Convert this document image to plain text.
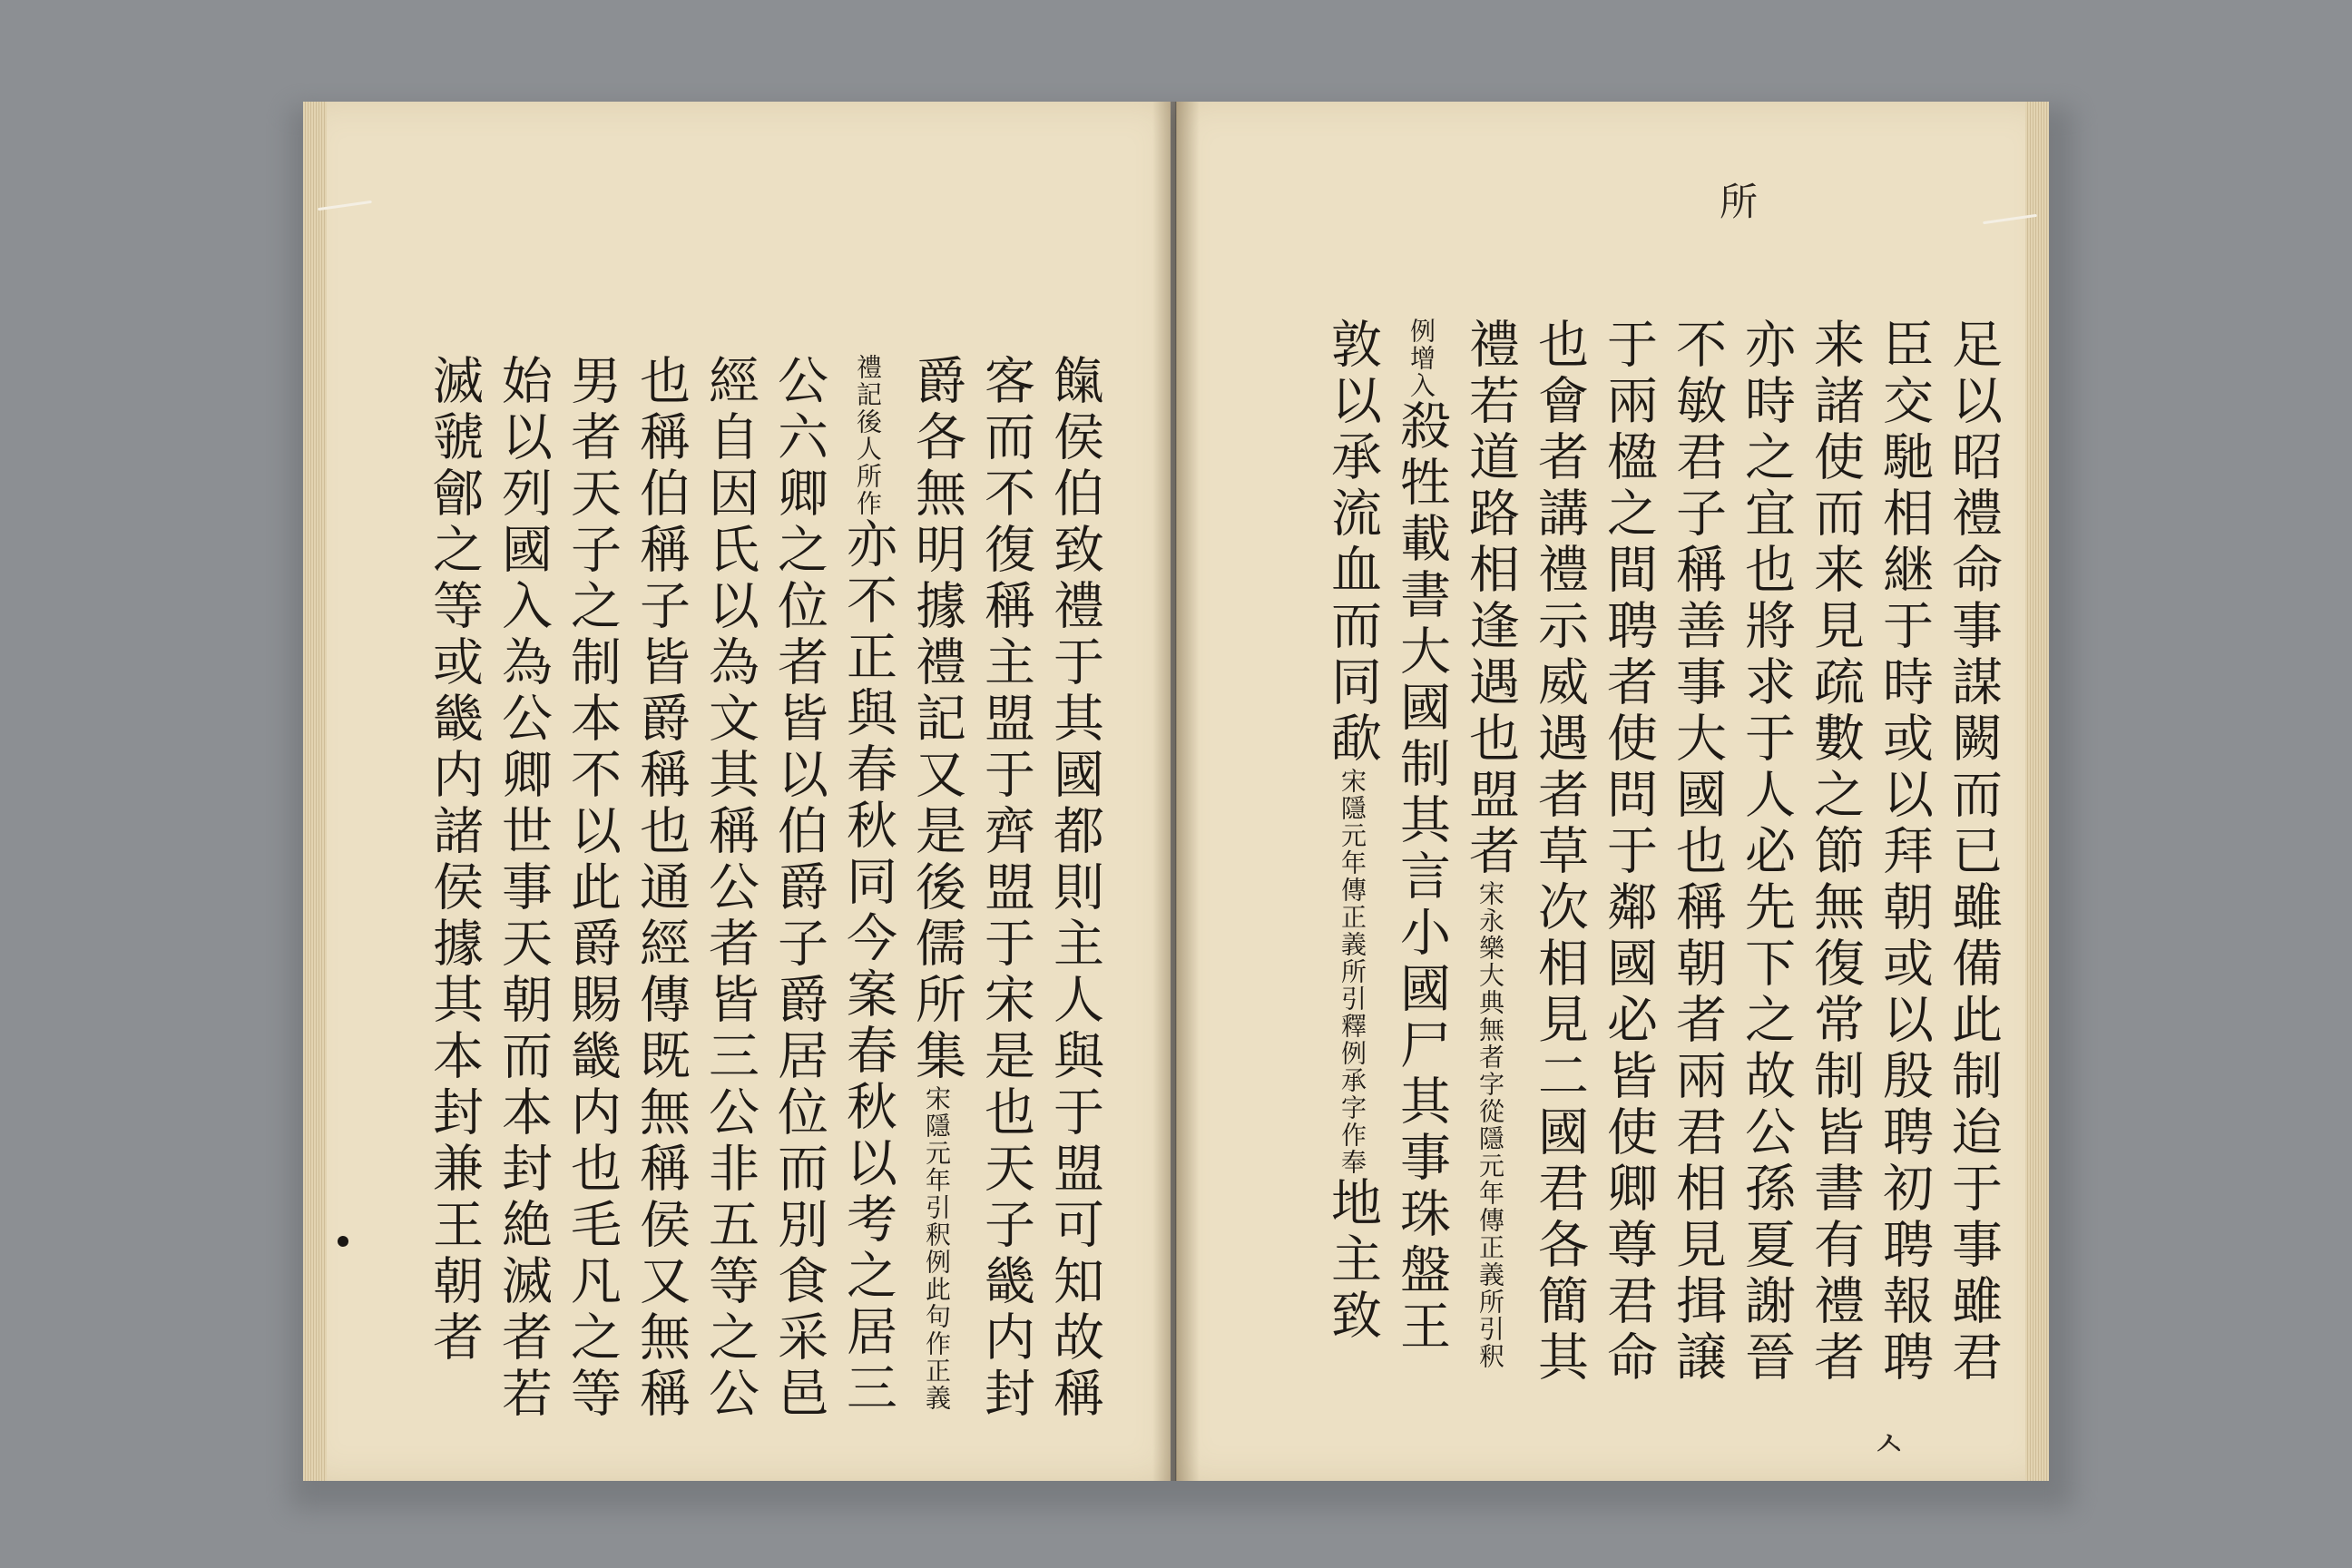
所
ㅅ
足以昭禮命事謀闕而已雖備此制迨于事雖君
臣交馳相継于時或以拜朝或以殷聘初聘報聘
来諸使而来見疏數之節無復常制皆書有禮者
亦時之宜也將求于人必先下之故公孫夏謝晉
不敏君子稱善事大國也稱朝者兩君相見揖譲
于兩楹之間聘者使問于鄰國必皆使卿尊君命
也會者講禮示威遇者草次相見二國君各簡其
禮若道路相逢遇也盟者宋永樂大典無者字從隱元年傳正義所引釈
例增入殺牲載書大國制其言小國尸其事珠盤王
敦以承流血而同歃宋隱元年傳正義所引釋例承字作奉地主致
餼侯伯致禮于其國都則主人與于盟可知故稱
客而不復稱主盟于齊盟于宋是也天子畿内封
爵各無明據禮記又是後儒所集宋隱元年引釈例此句作正義
禮記後人所作亦不正與春秋同今案春秋以考之居三
公六卿之位者皆以伯爵子爵居位而別食采邑
經自因氏以為文其稱公者皆三公非五等之公
也稱伯稱子皆爵稱也通經傳既無稱侯又無稱
男者天子之制本不以此爵賜畿内也毛凡之等
始以列國入為公卿世事天朝而本封絶滅者若
滅虢鄶之等或畿内諸侯據其本封兼王朝者
